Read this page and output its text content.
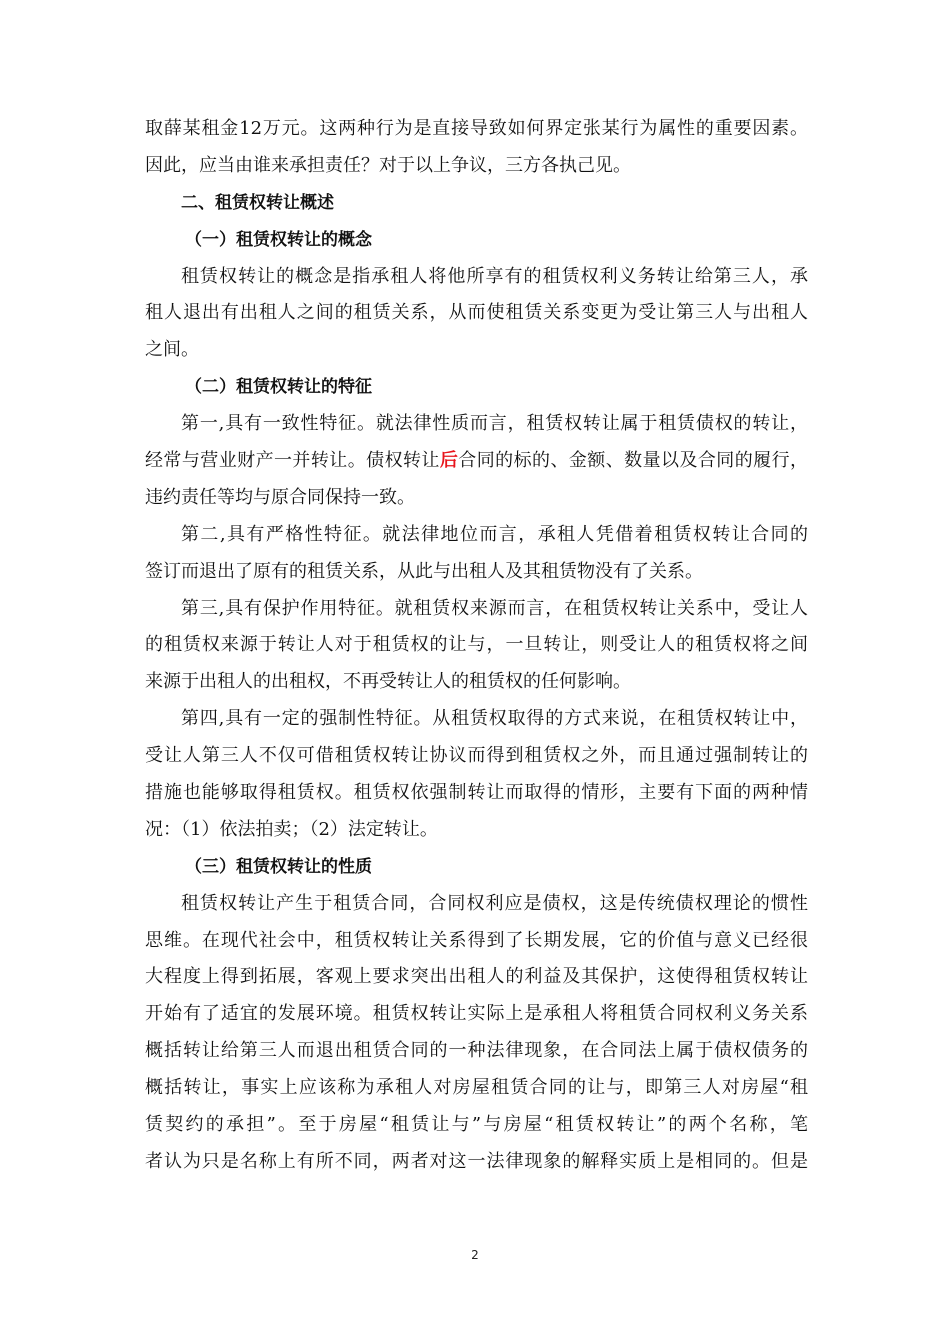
取薛某租金12万元。这两种行为是直接导致如何界定张某行为属性的重要因素。
因此，应当由谁来承担责任？对于以上争议，三方各执己见。
二、租赁权转让概述
（一）租赁权转让的概念
租赁权转让的概念是指承租人将他所享有的租赁权利义务转让给第三人，承
租人退出有出租人之间的租赁关系，从而使租赁关系变更为受让第三人与出租人
之间。
（二）租赁权转让的特征
第一,具有一致性特征。就法律性质而言，租赁权转让属于租赁债权的转让，
经常与营业财产一并转让。债权转让后合同的标的、金额、数量以及合同的履行，
违约责任等均与原合同保持一致。
第二,具有严格性特征。就法律地位而言，承租人凭借着租赁权转让合同的
签订而退出了原有的租赁关系，从此与出租人及其租赁物没有了关系。
第三,具有保护作用特征。就租赁权来源而言，在租赁权转让关系中，受让人
的租赁权来源于转让人对于租赁权的让与，一旦转让，则受让人的租赁权将之间
来源于出租人的出租权，不再受转让人的租赁权的任何影响。
第四,具有一定的强制性特征。从租赁权取得的方式来说，在租赁权转让中，
受让人第三人不仅可借租赁权转让协议而得到租赁权之外，而且通过强制转让的
措施也能够取得租赁权。租赁权依强制转让而取得的情形，主要有下面的两种情
况：（1）依法拍卖；（2）法定转让。
（三）租赁权转让的性质
租赁权转让产生于租赁合同，合同权利应是债权，这是传统债权理论的惯性
思维。在现代社会中，租赁权转让关系得到了长期发展，它的价值与意义已经很
大程度上得到拓展，客观上要求突出出租人的利益及其保护，这使得租赁权转让
开始有了适宜的发展环境。租赁权转让实际上是承租人将租赁合同权利义务关系
概括转让给第三人而退出租赁合同的一种法律现象，在合同法上属于债权债务的
概括转让，事实上应该称为承租人对房屋租赁合同的让与，即第三人对房屋“租
赁契约的承担”。至于房屋“租赁让与”与房屋“租赁权转让”的两个名称，笔
者认为只是名称上有所不同，两者对这一法律现象的解释实质上是相同的。但是
2
